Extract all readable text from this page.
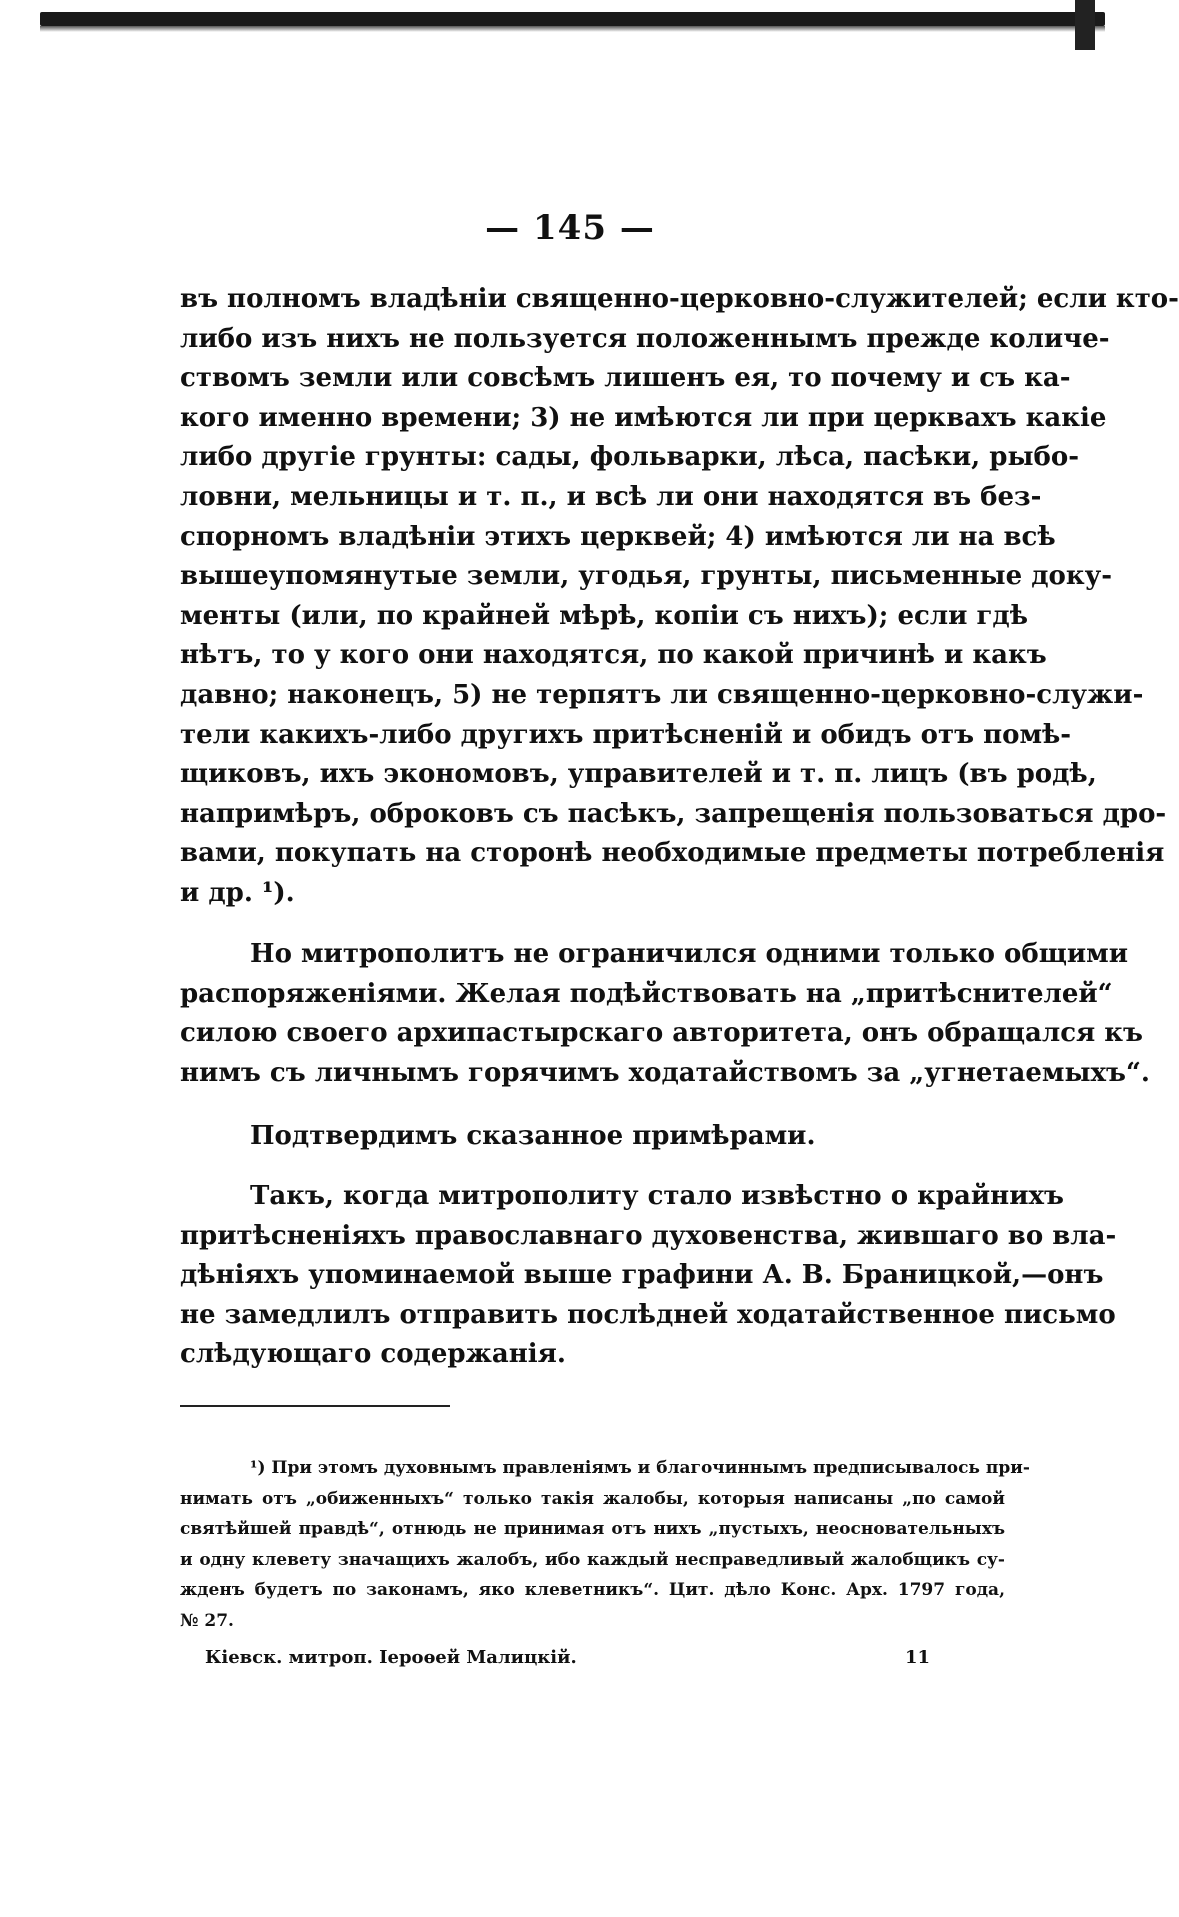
— 145 —
въ полномъ владѣніи священно-церковно-служителей; если кто-
либо изъ нихъ не пользуется положеннымъ прежде количе-
ствомъ земли или совсѣмъ лишенъ ея, то почему и съ ка-
кого именно времени; 3) не имѣются ли при церквахъ какіе
либо другіе грунты: сады, фольварки, лѣса, пасѣки, рыбо-
ловни, мельницы и т. п., и всѣ ли они находятся въ без-
спорномъ владѣніи этихъ церквей; 4) имѣются ли на всѣ
вышеупомянутые земли, угодья, грунты, письменные доку-
менты (или, по крайней мѣрѣ, копіи съ нихъ); если гдѣ
нѣтъ, то у кого они находятся, по какой причинѣ и какъ
давно; наконецъ, 5) не терпятъ ли священно-церковно-служи-
тели какихъ-либо другихъ притѣсненій и обидъ отъ помѣ-
щиковъ, ихъ экономовъ, управителей и т. п. лицъ (въ родѣ,
напримѣръ, оброковъ съ пасѣкъ, запрещенія пользоваться дро-
вами, покупать на сторонѣ необходимые предметы потребленія
и др. ¹).
Но митрополитъ не ограничился одними только общими
распоряженіями. Желая подѣйствовать на „притѣснителей“
силою своего архипастырскаго авторитета, онъ обращался къ
нимъ съ личнымъ горячимъ ходатайствомъ за „угнетаемыхъ“.
Подтвердимъ сказанное примѣрами.
Такъ, когда митрополиту стало извѣстно о крайнихъ
притѣсненіяхъ православнаго духовенства, жившаго во вла-
дѣніяхъ упоминаемой выше графини А. В. Браницкой,—онъ
не замедлилъ отправить послѣдней ходатайственное письмо
слѣдующаго содержанія.
¹) При этомъ духовнымъ правленіямъ и благочиннымъ предписывалось при-
нимать отъ „обиженныхъ“ только такія жалобы, которыя написаны „по самой
святѣйшей правдѣ“, отнюдь не принимая отъ нихъ „пустыхъ, неосновательныхъ
и одну клевету значащихъ жалобъ, ибо каждый несправедливый жалобщикъ су-
жденъ будетъ по законамъ, яко клеветникъ“. Цит. дѣло Конс. Арх. 1797 года,
№ 27.
Кіевск. митроп. Іероѳей Малицкій.	11
